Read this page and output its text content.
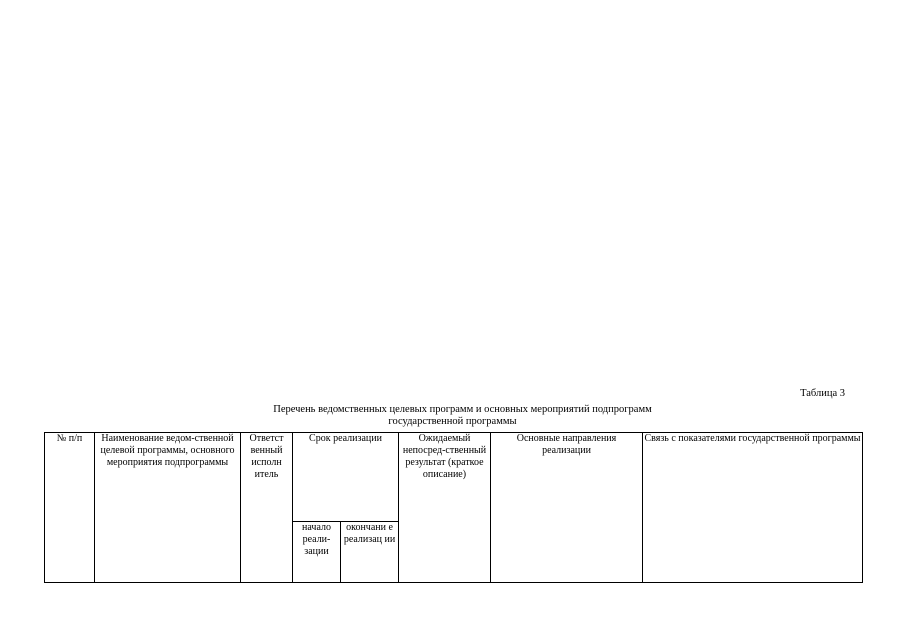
Таблица 3
Перечень ведомственных целевых программ и основных мероприятий подпрограмм
государственной программы
№ п/п	Наименование ведом-ственной целевой программы, основного мероприятия подпрограммы	Ответст венный исполн итель	Срок реализации		Ожидаемый непосред-ственный результат (краткое описание)	Основные направления реализации	Связь с показателями государственной программы
			начало реали-зации	окончани е реализац ии			
